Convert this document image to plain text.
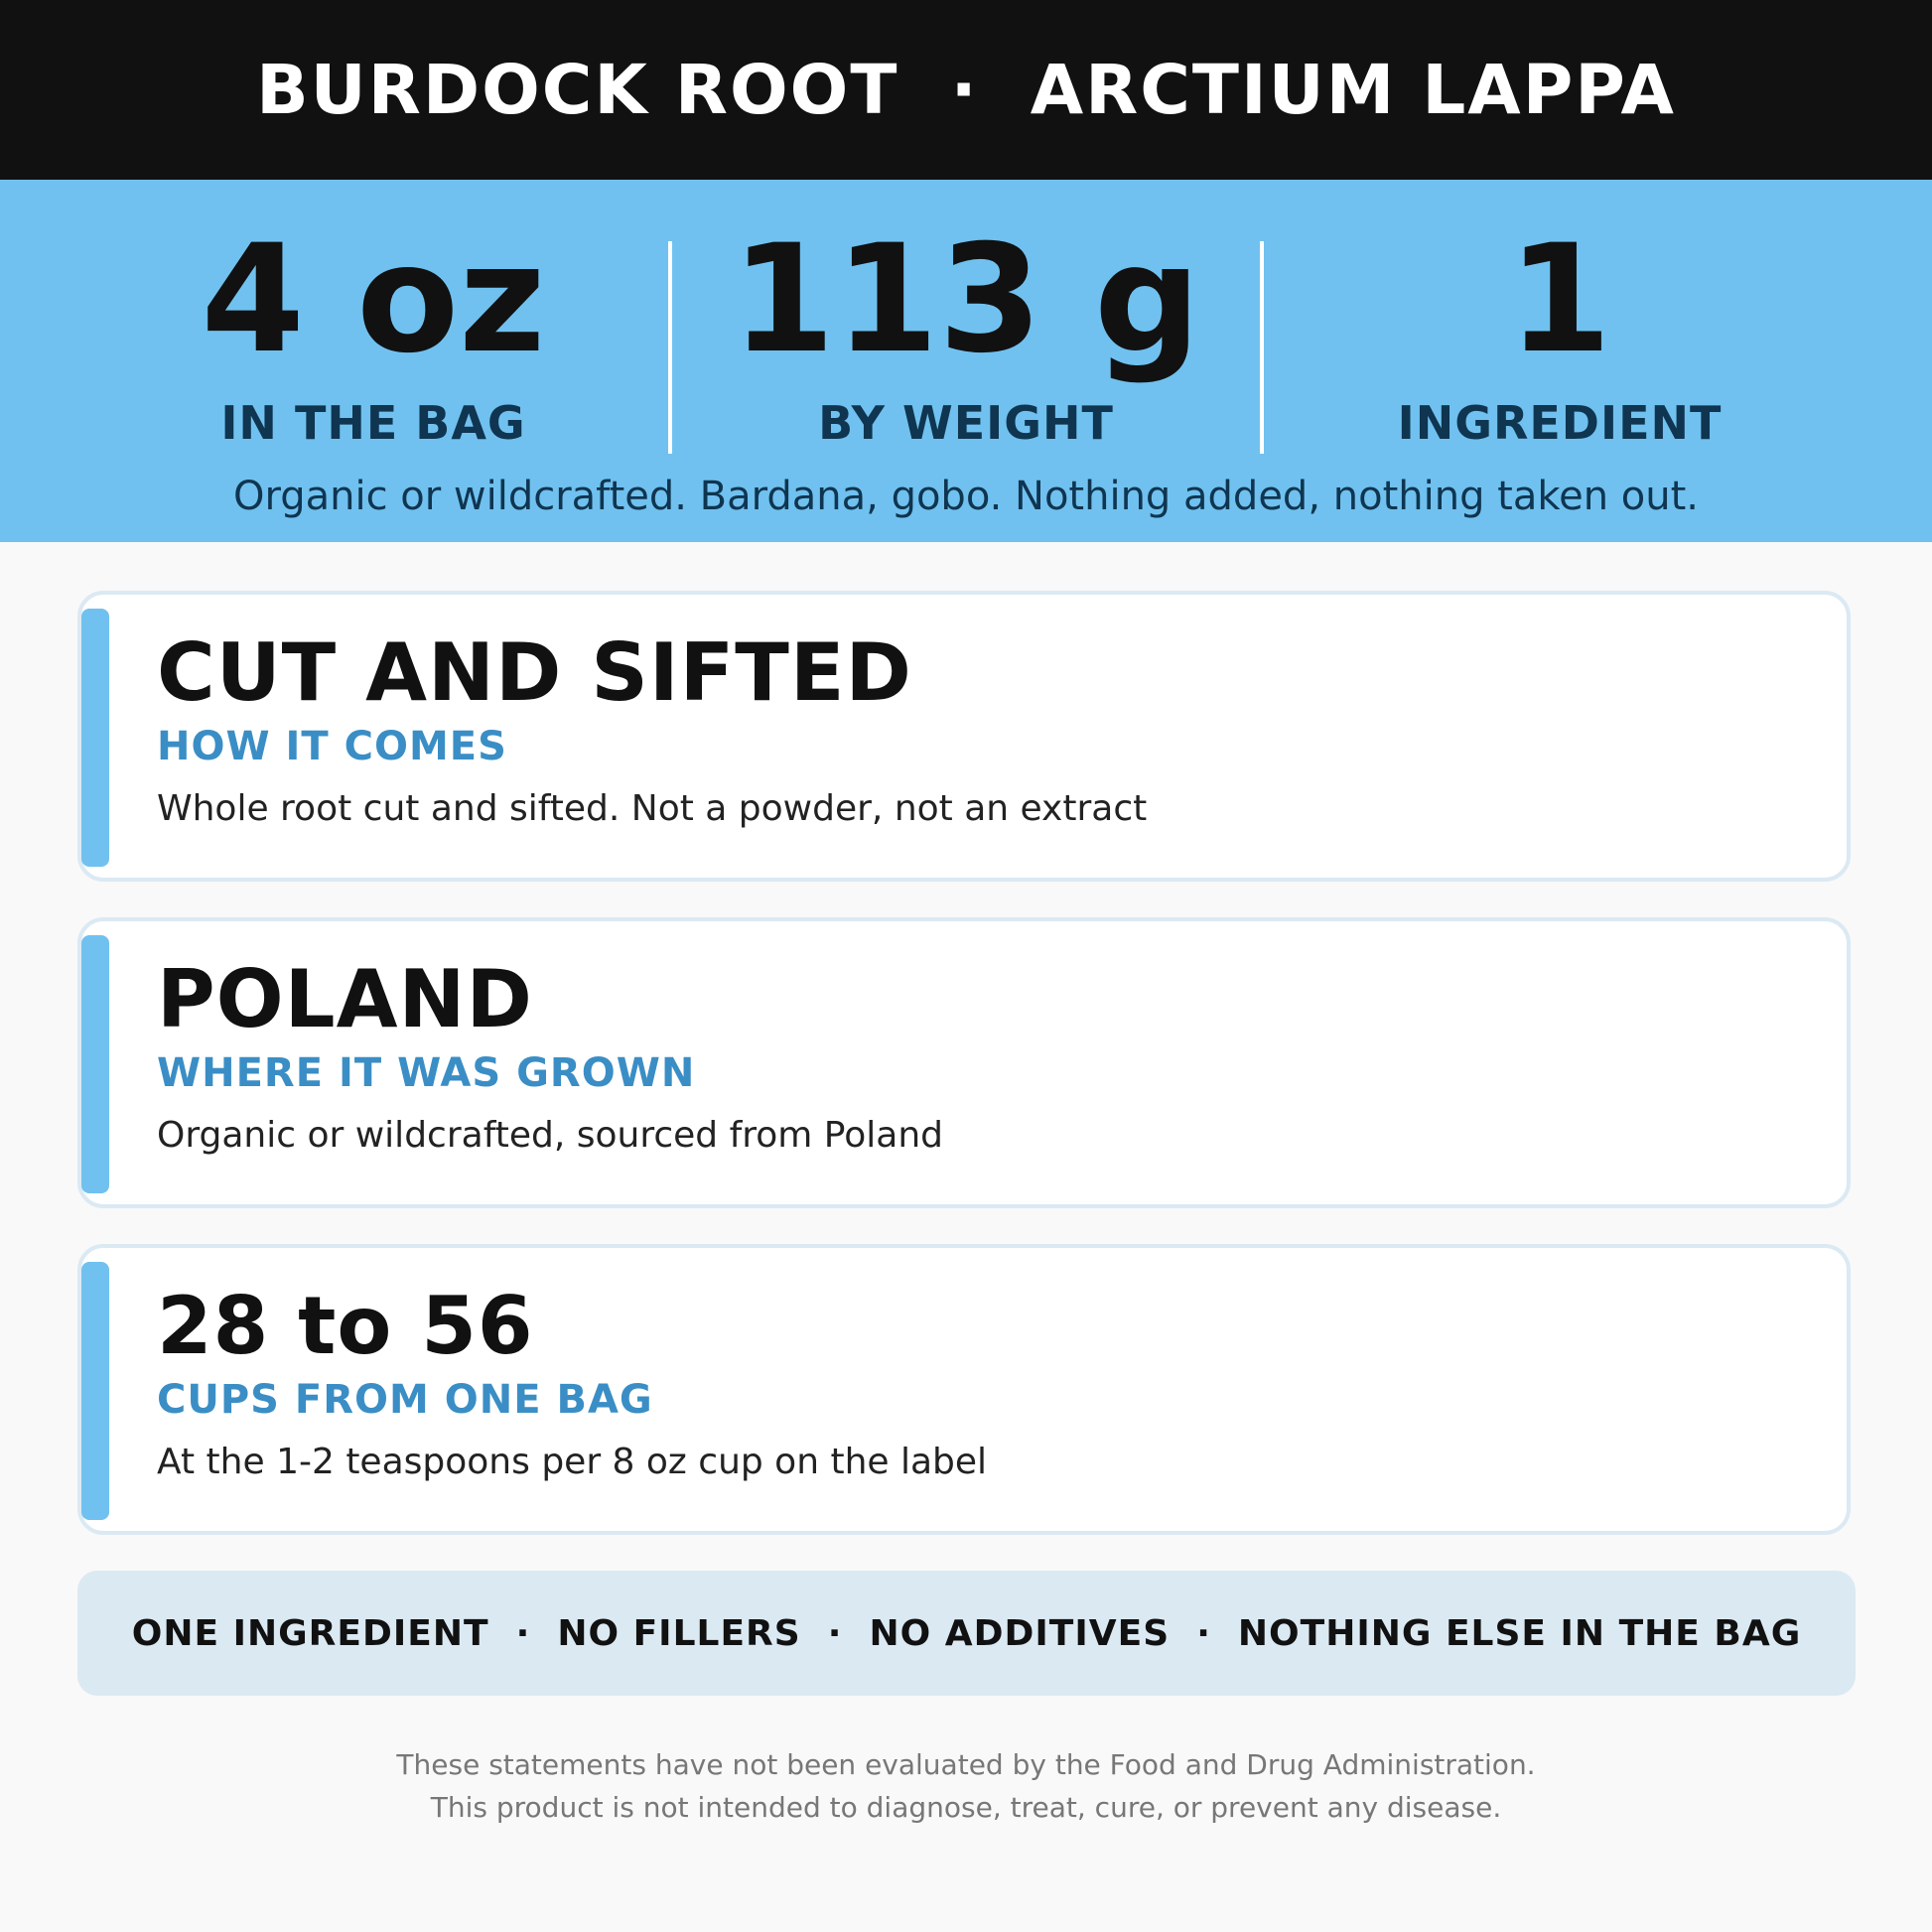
BURDOCK ROOT  ·  ARCTIUM LAPPA
4 oz
IN THE BAG
113 g
BY WEIGHT
1
INGREDIENT
Organic or wildcrafted. Bardana, gobo. Nothing added, nothing taken out.
CUT AND SIFTED
HOW IT COMES
Whole root cut and sifted. Not a powder, not an extract
POLAND
WHERE IT WAS GROWN
Organic or wildcrafted, sourced from Poland
28 to 56
CUPS FROM ONE BAG
At the 1-2 teaspoons per 8 oz cup on the label
ONE INGREDIENT  ·  NO FILLERS  ·  NO ADDITIVES  ·  NOTHING ELSE IN THE BAG
These statements have not been evaluated by the Food and Drug Administration.
This product is not intended to diagnose, treat, cure, or prevent any disease.
